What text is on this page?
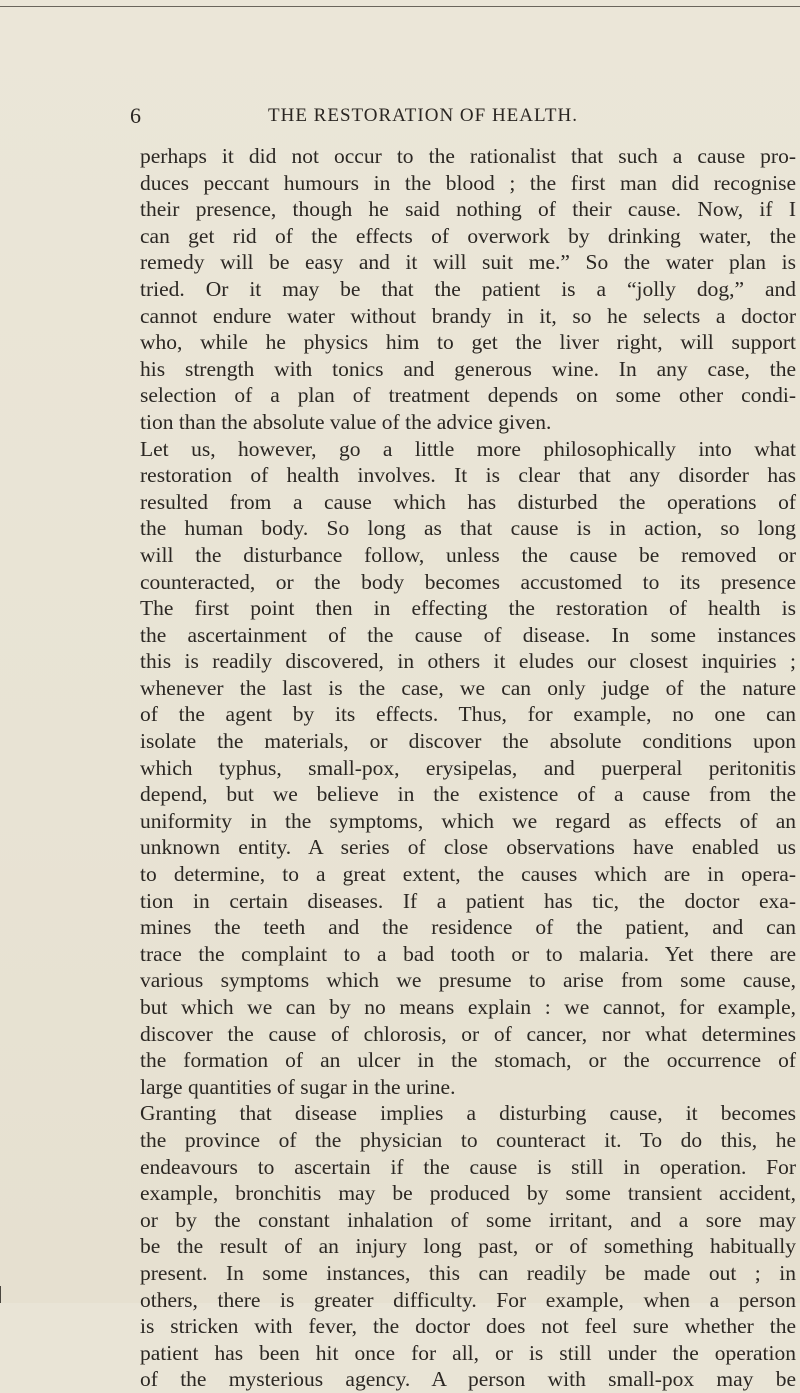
6	THE RESTORATION OF HEALTH.
perhaps it did not occur to the rationalist that such a cause pro-
duces peccant humours in the blood ; the first man did recognise
their presence, though he said nothing of their cause. Now, if I
can get rid of the effects of overwork by drinking water, the
remedy will be easy and it will suit me.” So the water plan is
tried. Or it may be that the patient is a “jolly dog,” and
cannot endure water without brandy in it, so he selects a doctor
who, while he physics him to get the liver right, will support
his strength with tonics and generous wine. In any case, the
selection of a plan of treatment depends on some other condi-
tion than the absolute value of the advice given.
Let us, however, go a little more philosophically into what
restoration of health involves. It is clear that any disorder has
resulted from a cause which has disturbed the operations of
the human body. So long as that cause is in action, so long
will the disturbance follow, unless the cause be removed or
counteracted, or the body becomes accustomed to its presence
The first point then in effecting the restoration of health is
the ascertainment of the cause of disease. In some instances
this is readily discovered, in others it eludes our closest inquiries ;
whenever the last is the case, we can only judge of the nature
of the agent by its effects. Thus, for example, no one can
isolate the materials, or discover the absolute conditions upon
which typhus, small-pox, erysipelas, and puerperal peritonitis
depend, but we believe in the existence of a cause from the
uniformity in the symptoms, which we regard as effects of an
unknown entity. A series of close observations have enabled us
to determine, to a great extent, the causes which are in opera-
tion in certain diseases. If a patient has tic, the doctor exa-
mines the teeth and the residence of the patient, and can
trace the complaint to a bad tooth or to malaria. Yet there are
various symptoms which we presume to arise from some cause,
but which we can by no means explain : we cannot, for example,
discover the cause of chlorosis, or of cancer, nor what determines
the formation of an ulcer in the stomach, or the occurrence of
large quantities of sugar in the urine.
Granting that disease implies a disturbing cause, it becomes
the province of the physician to counteract it. To do this, he
endeavours to ascertain if the cause is still in operation. For
example, bronchitis may be produced by some transient accident,
or by the constant inhalation of some irritant, and a sore may
be the result of an injury long past, or of something habitually
present. In some instances, this can readily be made out ; in
others, there is greater difficulty. For example, when a person
is stricken with fever, the doctor does not feel sure whether the
patient has been hit once for all, or is still under the operation
of the mysterious agency. A person with small-pox may be
